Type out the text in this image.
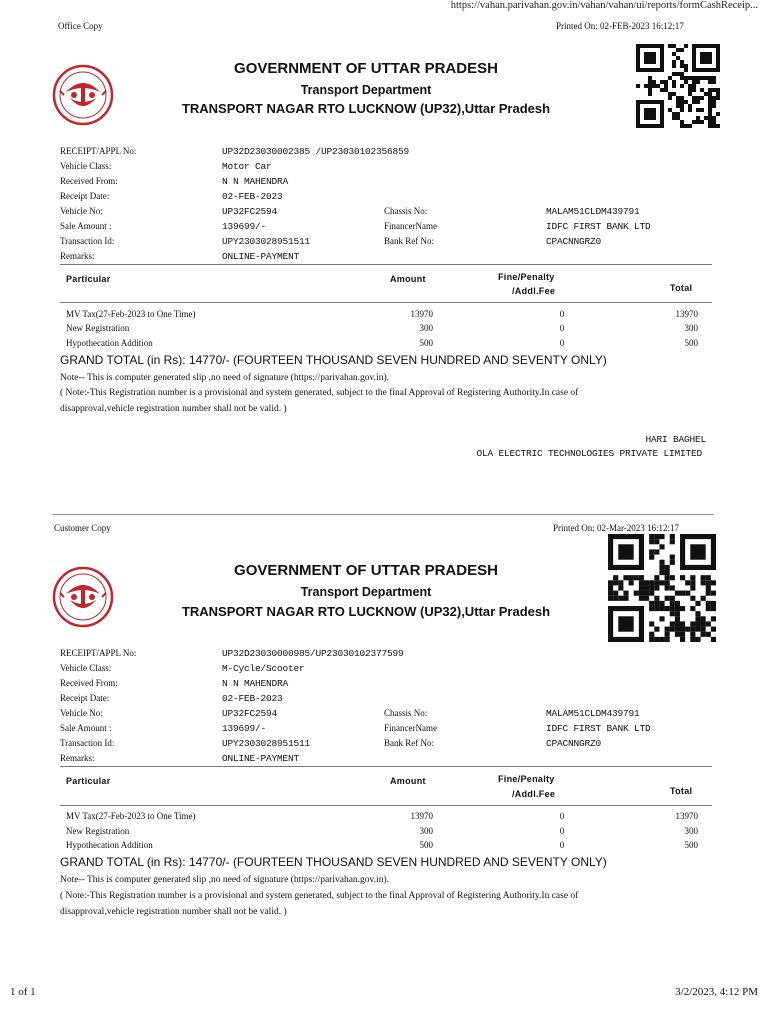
https://vahan.parivahan.gov.in/vahan/vahan/ui/reports/formCashReceip...
Office Copy	Printed On: 02-FEB-2023 16:12:17
GOVERNMENT OF UTTAR PRADESH
Transport Department
TRANSPORT NAGAR RTO LUCKNOW (UP32),Uttar Pradesh
RECEIPT/APPL No:	UP32D23030002385 /UP23030102356859
Vehicle Class:	Motor Car
Received From:	N N MAHENDRA
Receipt Date:	02-FEB-2023
Vehicle No:	UP32FC2594
Sale Amount :	139699/-
Transaction Id:	UPY2303028951511
Remarks:	ONLINE-PAYMENT
Chassis No:	MALAM51CLDM439791
FinancerName	IDFC FIRST BANK LTD
Bank Ref No:	CPACNNGRZ0
Particular	Amount	Fine/Penalty
/Addl.Fee	Total
MV Tax(27-Feb-2023 to One Time)	13970	0	13970
New Registration	300	0	300
Hypothecation Addition	500	0	500
GRAND TOTAL (in Rs): 14770/- (FOURTEEN THOUSAND SEVEN HUNDRED AND SEVENTY ONLY)
Note-- This is computer generated slip ,no need of signature (https://parivahan.gov.in).
( Note:-This Registration number is a provisional and system generated, subject to the final Approval of Registering Authority.In case of
disapproval,vehicle registration number shall not be valid. )
HARI BAGHEL
OLA ELECTRIC TECHNOLOGIES PRIVATE LIMITED
Customer Copy	Printed On: 02-Mar-2023 16:12:17
GOVERNMENT OF UTTAR PRADESH
Transport Department
TRANSPORT NAGAR RTO LUCKNOW (UP32),Uttar Pradesh
RECEIPT/APPL No:	UP32D23030000985/UP23030102377599
Vehicle Class:	M-Cycle/Scooter
Received From:	N N MAHENDRA
Receipt Date:	02-FEB-2023
Vehicle No:	UP32FC2594
Sale Amount :	139699/-
Transaction Id:	UPY2303028951511
Remarks:	ONLINE-PAYMENT
Chassis No:	MALAM51CLDM439791
FinancerName	IDFC FIRST BANK LTD
Bank Ref No:	CPACNNGRZ0
Particular	Amount	Fine/Penalty
/Addl.Fee	Total
MV Tax(27-Feb-2023 to One Time)	13970	0	13970
New Registration	300	0	300
Hypothecation Addition	500	0	500
GRAND TOTAL (in Rs): 14770/- (FOURTEEN THOUSAND SEVEN HUNDRED AND SEVENTY ONLY)
Note-- This is computer generated slip ,no need of signature (https://parivahan.gov.in).
( Note:-This Registration number is a provisional and system generated, subject to the final Approval of Registering Authority.In case of
disapproval,vehicle registration number shall not be valid. )
1 of 1	3/2/2023, 4:12 PM
